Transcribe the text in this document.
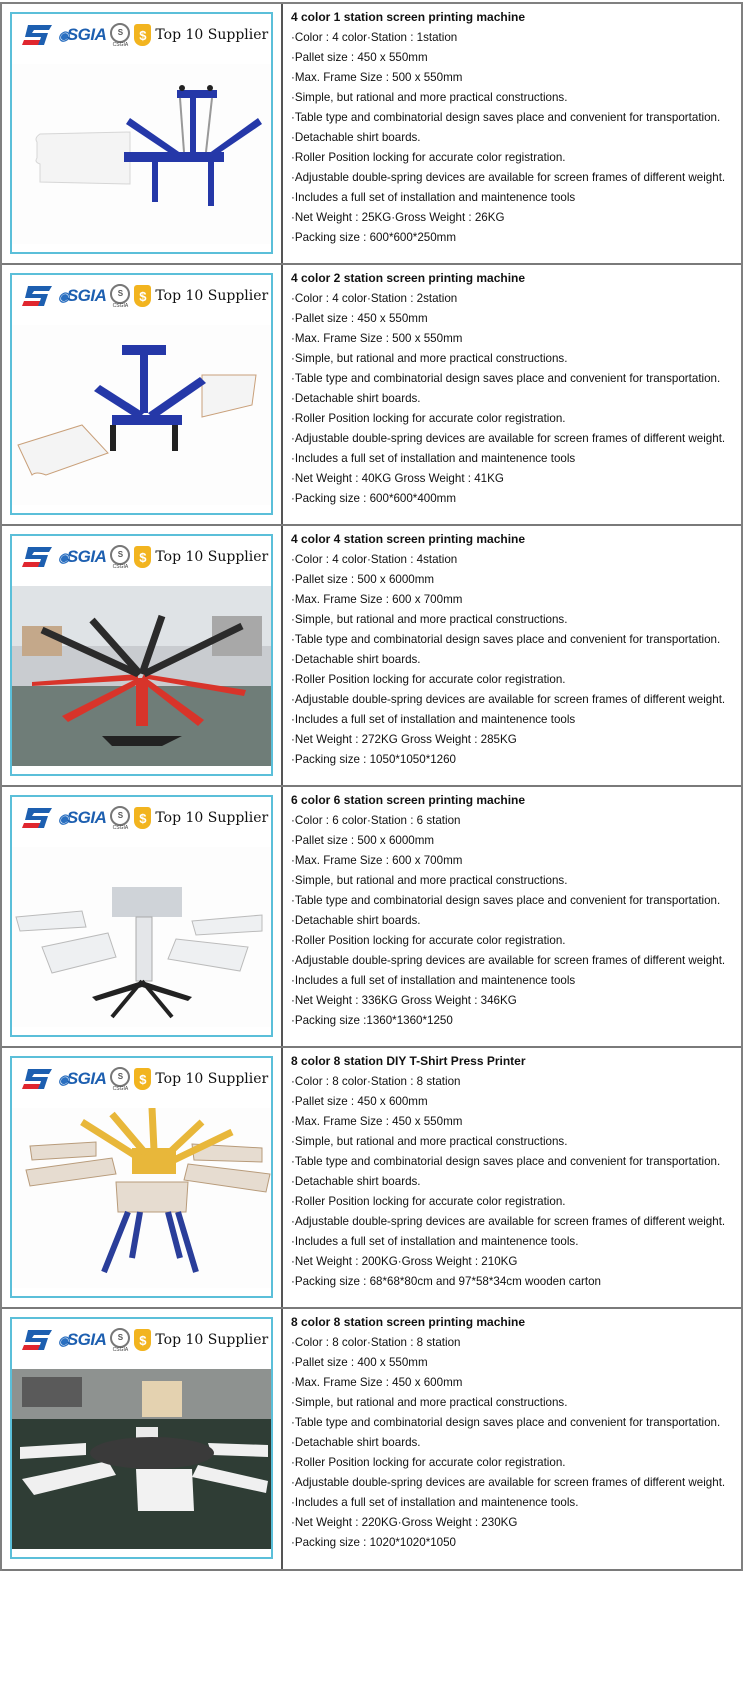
◉SGIA	S
CSGIA
$ Top 10 Supplier
4 color 1 station screen printing machine
·Color : 4 color·Station : 1station
·Pallet size : 450 x 550mm
·Max. Frame Size : 500 x 550mm
·Simple, but rational and more practical constructions.
·Table type and combinatorial design saves place and convenient for transportation.
·Detachable shirt boards.
·Roller Position locking for accurate color registration.
·Adjustable double-spring devices are available for screen frames of different weight.
·Includes a full set of installation and maintenence tools
·Net Weight : 25KG·Gross Weight : 26KG
·Packing size : 600*600*250mm
◉SGIA	S
CSGIA
$ Top 10 Supplier
4 color 2 station screen printing machine
·Color : 4 color·Station : 2station
·Pallet size : 450 x 550mm
·Max. Frame Size : 500 x 550mm
·Simple, but rational and more practical constructions.
·Table type and combinatorial design saves place and convenient for transportation.
·Detachable shirt boards.
·Roller Position locking for accurate color registration.
·Adjustable double-spring devices are available for screen frames of different weight.
·Includes a full set of installation and maintenence tools
·Net Weight : 40KG Gross Weight : 41KG
·Packing size : 600*600*400mm
◉SGIA	S
CSGIA
$ Top 10 Supplier
4 color 4 station screen printing machine
·Color : 4 color·Station : 4station
·Pallet size : 500 x 6000mm
·Max. Frame Size : 600 x 700mm
·Simple, but rational and more practical constructions.
·Table type and combinatorial design saves place and convenient for transportation.
·Detachable shirt boards.
·Roller Position locking for accurate color registration.
·Adjustable double-spring devices are available for screen frames of different weight.
·Includes a full set of installation and maintenence tools
·Net Weight : 272KG Gross Weight : 285KG
·Packing size : 1050*1050*1260
◉SGIA	S
CSGIA
$ Top 10 Supplier
6 color 6 station screen printing machine
·Color : 6 color·Station : 6 station
·Pallet size : 500 x 6000mm
·Max. Frame Size : 600 x 700mm
·Simple, but rational and more practical constructions.
·Table type and combinatorial design saves place and convenient for transportation.
·Detachable shirt boards.
·Roller Position locking for accurate color registration.
·Adjustable double-spring devices are available for screen frames of different weight.
·Includes a full set of installation and maintenence tools
·Net Weight : 336KG Gross Weight : 346KG
·Packing size :1360*1360*1250
◉SGIA	S
CSGIA
$ Top 10 Supplier
8 color 8 station DIY T-Shirt Press Printer
·Color : 8 color·Station : 8 station
·Pallet size : 450 x 600mm
·Max. Frame Size : 450 x 550mm
·Simple, but rational and more practical constructions.
·Table type and combinatorial design saves place and convenient for transportation.
·Detachable shirt boards.
·Roller Position locking for accurate color registration.
·Adjustable double-spring devices are available for screen frames of different weight.
·Includes a full set of installation and maintenence tools.
·Net Weight : 200KG·Gross Weight : 210KG
·Packing size : 68*68*80cm and 97*58*34cm wooden carton
◉SGIA	S
CSGIA
$ Top 10 Supplier
8 color 8 station screen printing machine
·Color : 8 color·Station : 8 station
·Pallet size : 400 x 550mm
·Max. Frame Size : 450 x 600mm
·Simple, but rational and more practical constructions.
·Table type and combinatorial design saves place and convenient for transportation.
·Detachable shirt boards.
·Roller Position locking for accurate color registration.
·Adjustable double-spring devices are available for screen frames of different weight.
·Includes a full set of installation and maintenence tools.
·Net Weight : 220KG·Gross Weight : 230KG
·Packing size : 1020*1020*1050
